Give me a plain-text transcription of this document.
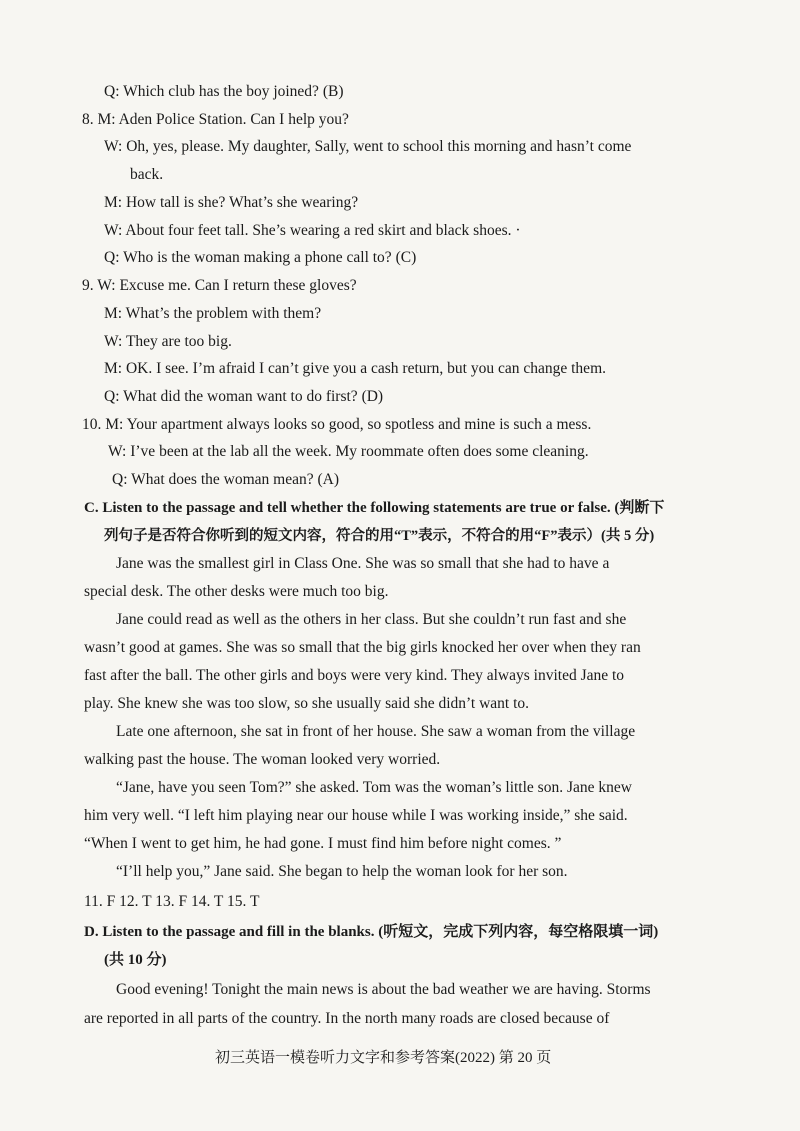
Q: Which club has the boy joined? (B)
8. M: Aden Police Station. Can I help you?
W: Oh, yes, please. My daughter, Sally, went to school this morning and hasn’t come
back.
M: How tall is she? What’s she wearing?
W: About four feet tall. She’s wearing a red skirt and black shoes. ·
Q: Who is the woman making a phone call to? (C)
9. W: Excuse me. Can I return these gloves?
M: What’s the problem with them?
W: They are too big.
M: OK. I see. I’m afraid I can’t give you a cash return, but you can change them.
Q: What did the woman want to do first? (D)
10. M: Your apartment always looks so good, so spotless and mine is such a mess.
W: I’ve been at the lab all the week. My roommate often does some cleaning.
Q: What does the woman mean? (A)
C. Listen to the passage and tell whether the following statements are true or false. (判断下
列句子是否符合你听到的短文内容，符合的用“T”表示，不符合的用“F”表示）(共 5 分)
Jane was the smallest girl in Class One. She was so small that she had to have a
special desk. The other desks were much too big.
Jane could read as well as the others in her class. But she couldn’t run fast and she
wasn’t good at games. She was so small that the big girls knocked her over when they ran
fast after the ball. The other girls and boys were very kind. They always invited Jane to
play. She knew she was too slow, so she usually said she didn’t want to.
Late one afternoon, she sat in front of her house. She saw a woman from the village
walking past the house. The woman looked very worried.
“Jane, have you seen Tom?” she asked. Tom was the woman’s little son. Jane knew
him very well. “I left him playing near our house while I was working inside,” she said.
“When I went to get him, he had gone. I must find him before night comes. ”
“I’ll help you,” Jane said. She began to help the woman look for her son.
11. F 12. T 13. F 14. T 15. T
D. Listen to the passage and fill in the blanks. (听短文，完成下列内容，每空格限填一词)
(共 10 分)
Good evening! Tonight the main news is about the bad weather we are having. Storms
are reported in all parts of the country. In the north many roads are closed because of
初三英语一模卷听力文字和参考答案(2022) 第 20 页
